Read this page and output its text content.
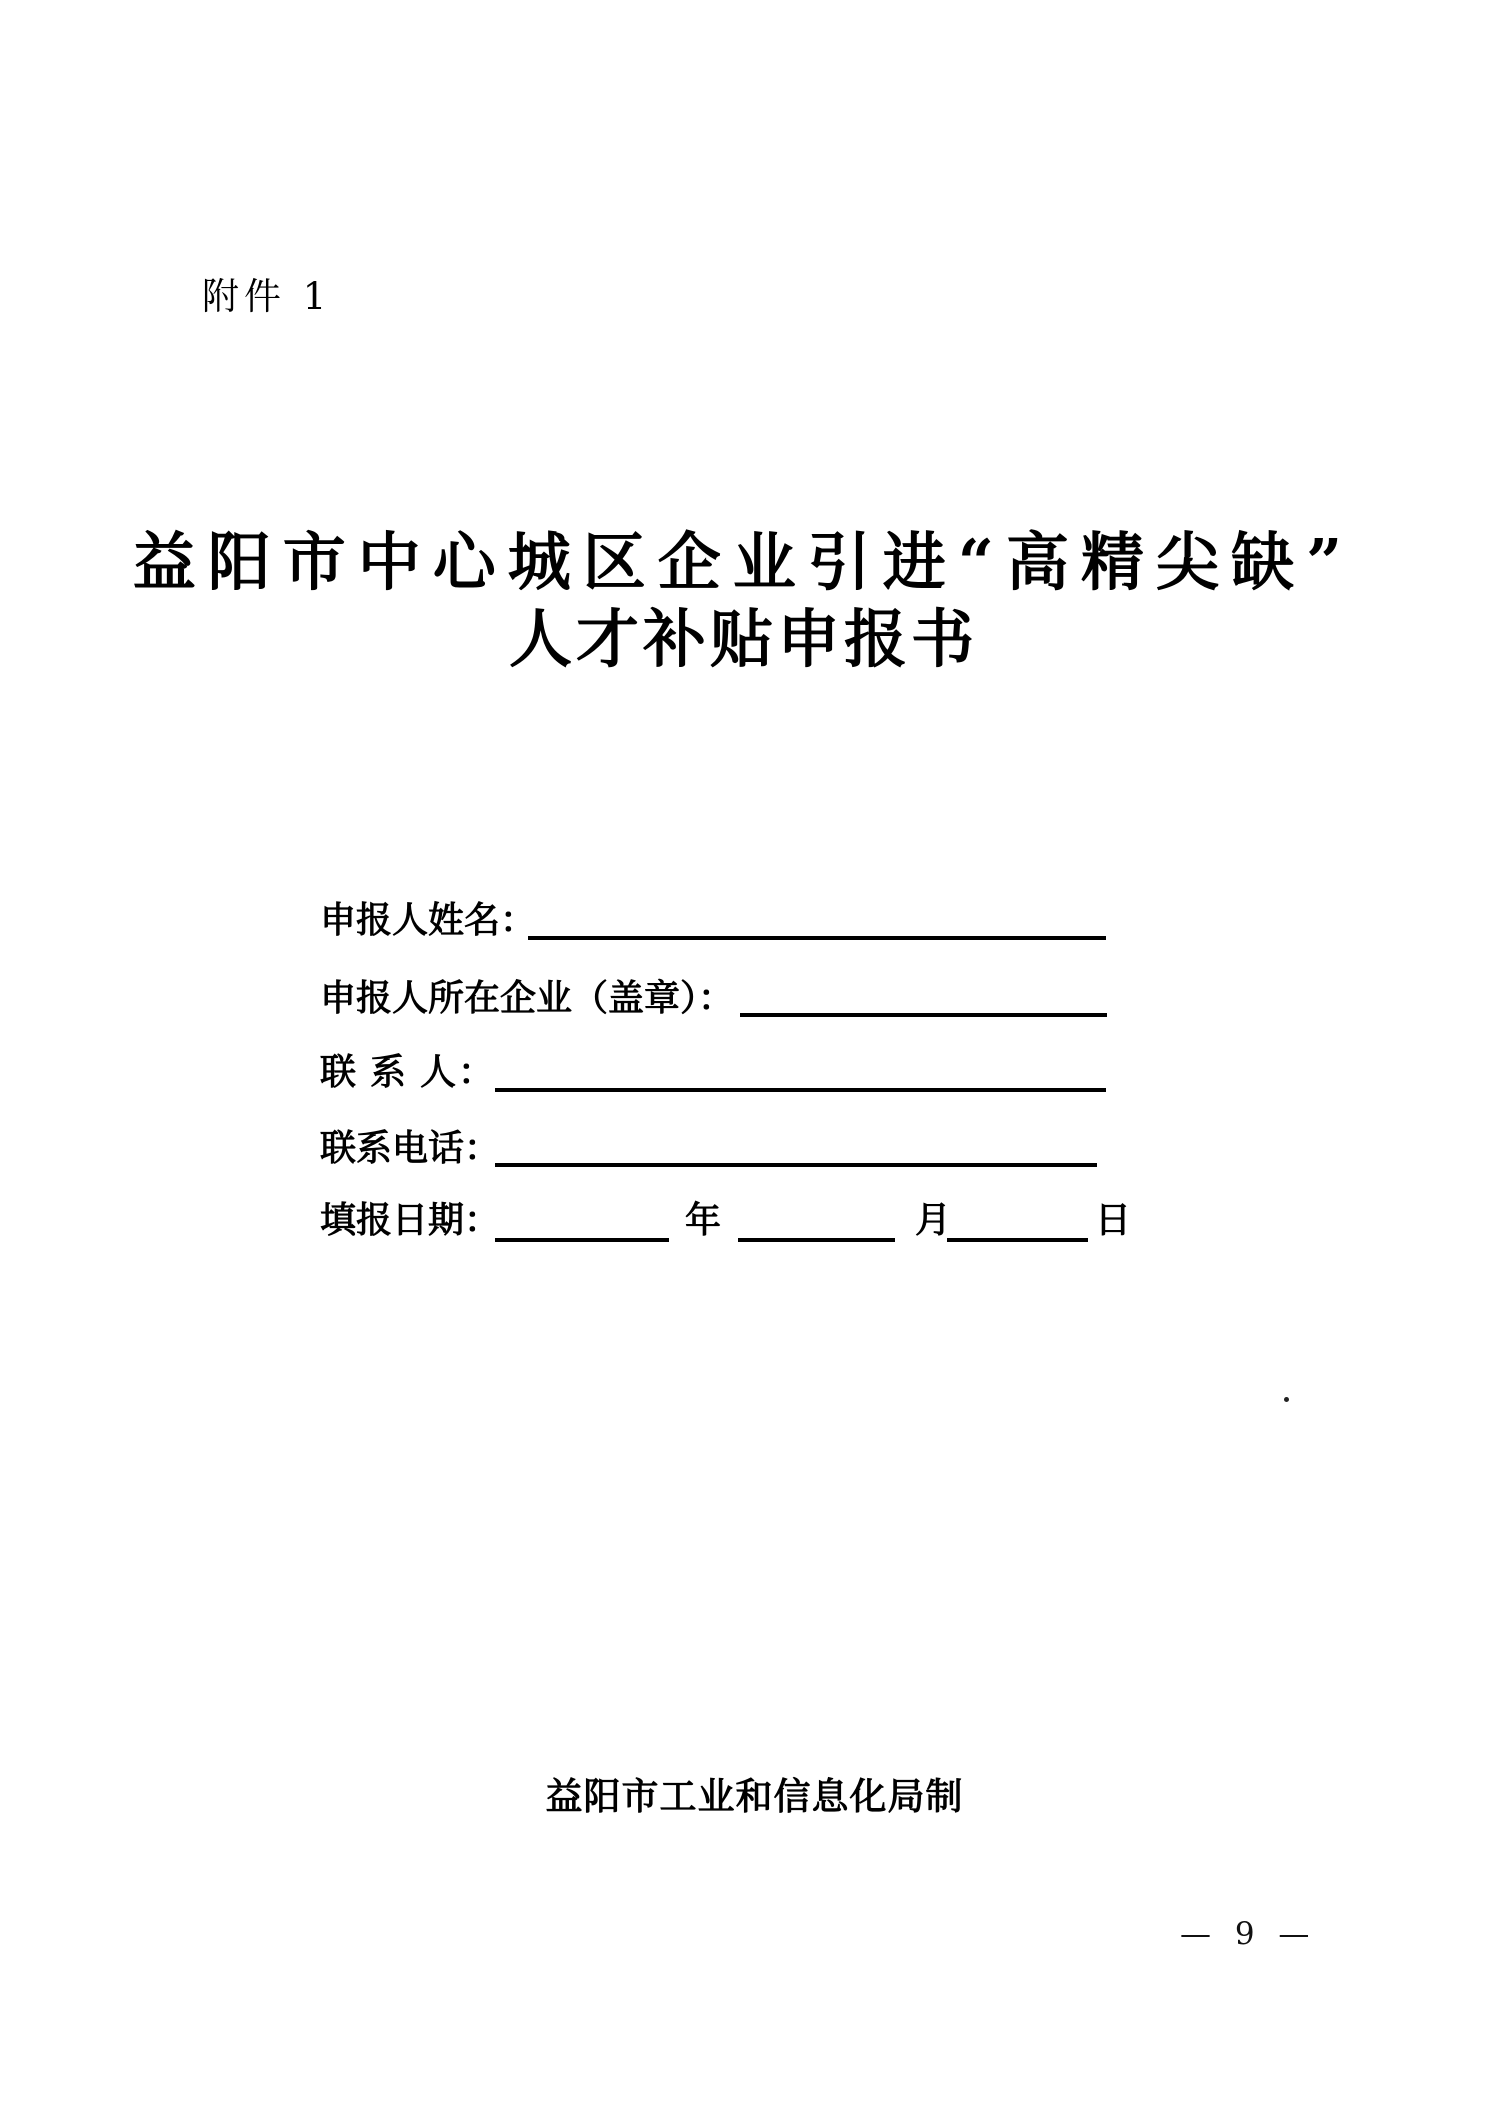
附件 1
益阳市中心城区企业引进“高精尖缺”
人才补贴申报书
申报人姓名：
申报人所在企业（盖章）：
联 系 人：
联系电话：
填报日期：	年	月	日
益阳市工业和信息化局制
— 9 —
